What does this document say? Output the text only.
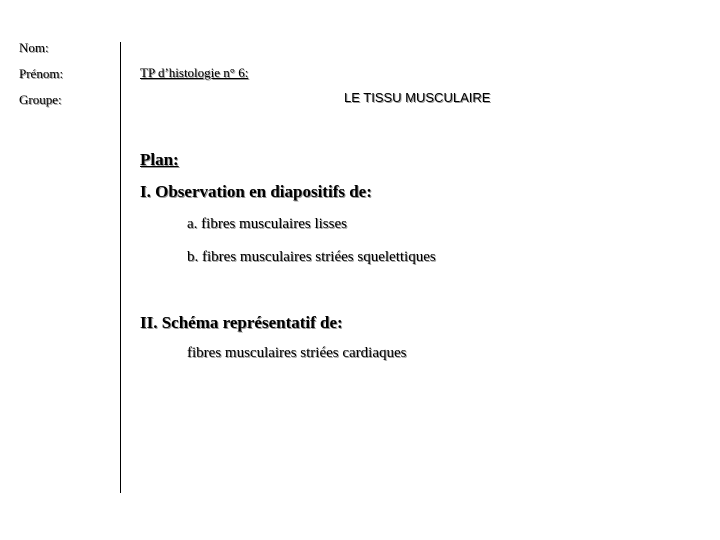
Nom:
Prénom:
Groupe:
TP d’histologie n° 6:
LE TISSU MUSCULAIRE
Plan:
I. Observation en diapositifs de:
a. fibres musculaires lisses
b. fibres musculaires striées squelettiques
II. Schéma représentatif de:
fibres musculaires striées cardiaques
